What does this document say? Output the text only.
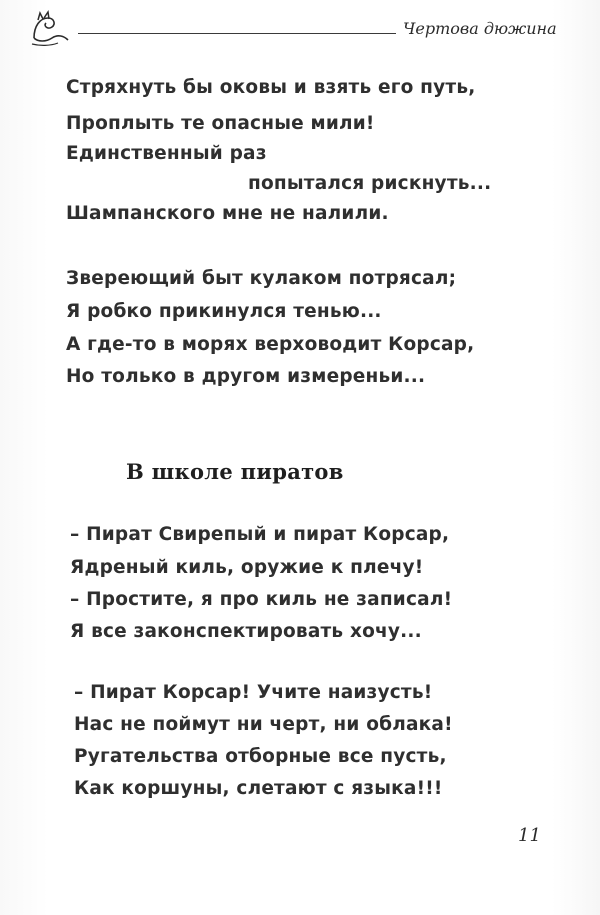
Чертова дюжина
Стряхнуть бы оковы и взять его путь,
Проплыть те опасные мили!
Единственный раз
попытался рискнуть...
Шампанского мне не налили.
Звереющий быт кулаком потрясал;
Я робко прикинулся тенью...
А где-то в морях верховодит Корсар,
Но только в другом измереньи...
В школе пиратов
– Пират Свирепый и пират Корсар,
Ядреный киль, оружие к плечу!
– Простите, я про киль не записал!
Я все законспектировать хочу...
– Пират Корсар! Учите наизусть!
Нас не поймут ни черт, ни облака!
Ругательства отборные все пусть,
Как коршуны, слетают с языка!!!
11
